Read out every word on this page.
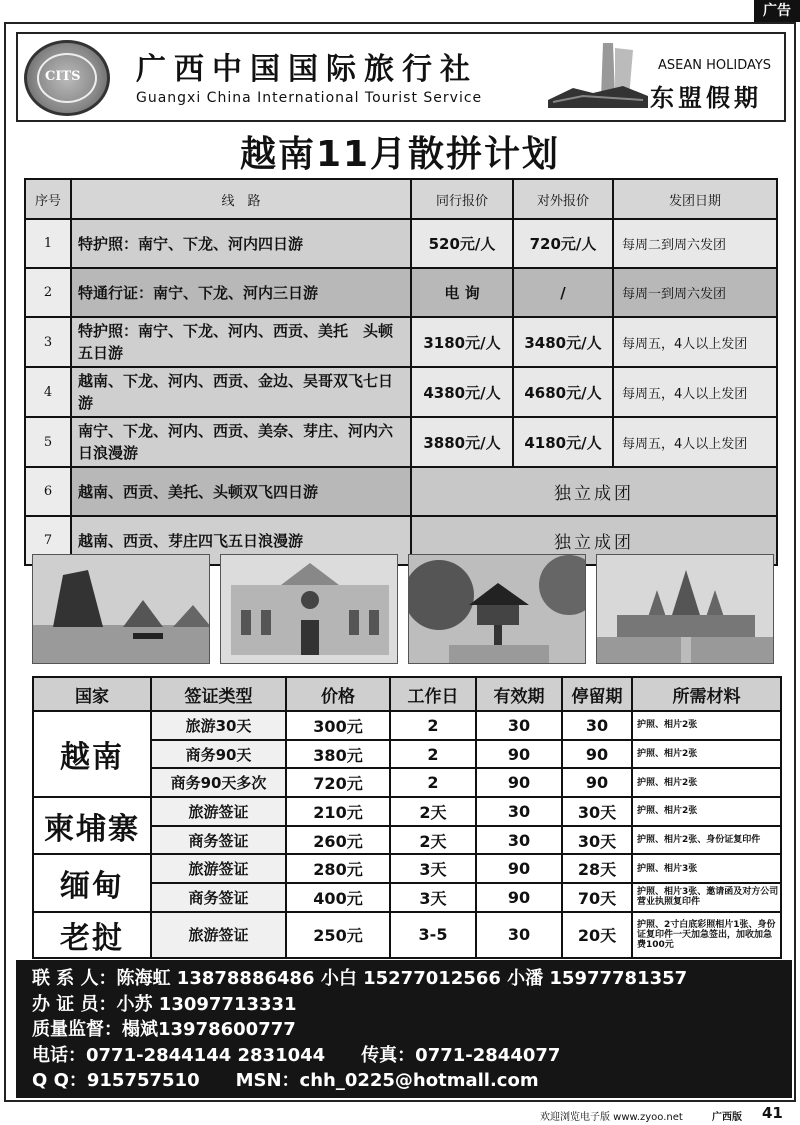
广告
CITS 广西中国国际旅行社
Guangxi China International Tourist Service
ASEAN HOLIDAYS
东盟假期
越南11月散拼计划
序号	线　路	同行报价	对外报价	发团日期
1	特护照：南宁、下龙、河内四日游	520元/人	720元/人	每周二到周六发团
2	特通行证：南宁、下龙、河内三日游	电 询	/	每周一到周六发团
3	特护照：南宁、下龙、河内、西贡、美托　头顿五日游	3180元/人	3480元/人	每周五，4人以上发团
4	越南、下龙、河内、西贡、金边、吴哥双飞七日游	4380元/人	4680元/人	每周五，4人以上发团
5	南宁、下龙、河内、西贡、美奈、芽庄、河内六日浪漫游	3880元/人	4180元/人	每周五，4人以上发团
6	越南、西贡、美托、头顿双飞四日游	独立成团		
7	越南、西贡、芽庄四飞五日浪漫游	独立成团		
国家	签证类型	价格	工作日	有效期	停留期	所需材料
越南	旅游30天	300元	2	30	30	护照、相片2张
	商务90天	380元	2	90	90	护照、相片2张
	商务90天多次	720元	2	90	90	护照、相片2张
柬埔寨	旅游签证	210元	2天	30	30天	护照、相片2张
	商务签证	260元	2天	30	30天	护照、相片2张、身份证复印件
缅甸	旅游签证	280元	3天	90	28天	护照、相片3张
	商务签证	400元	3天	90	70天	护照、相片3张、邀请函及对方公司营业执照复印件
老挝	旅游签证	250元	3-5	30	20天	护照、2寸白底彩照相片1张、身份证复印件一天加急签出，加收加急费100元
联 系 人：陈海虹 13878886486 小白 15277012566 小潘 15977781357
办 证 员：小苏 13097713331
质量监督：榻斌13978600777
电话：0771-2844144 2831044　　传真：0771-2844077
Q Q：915757510　　MSN：chh_0225@hotmall.com
欢迎浏览电子版 www.zyoo.net	广西版 41
